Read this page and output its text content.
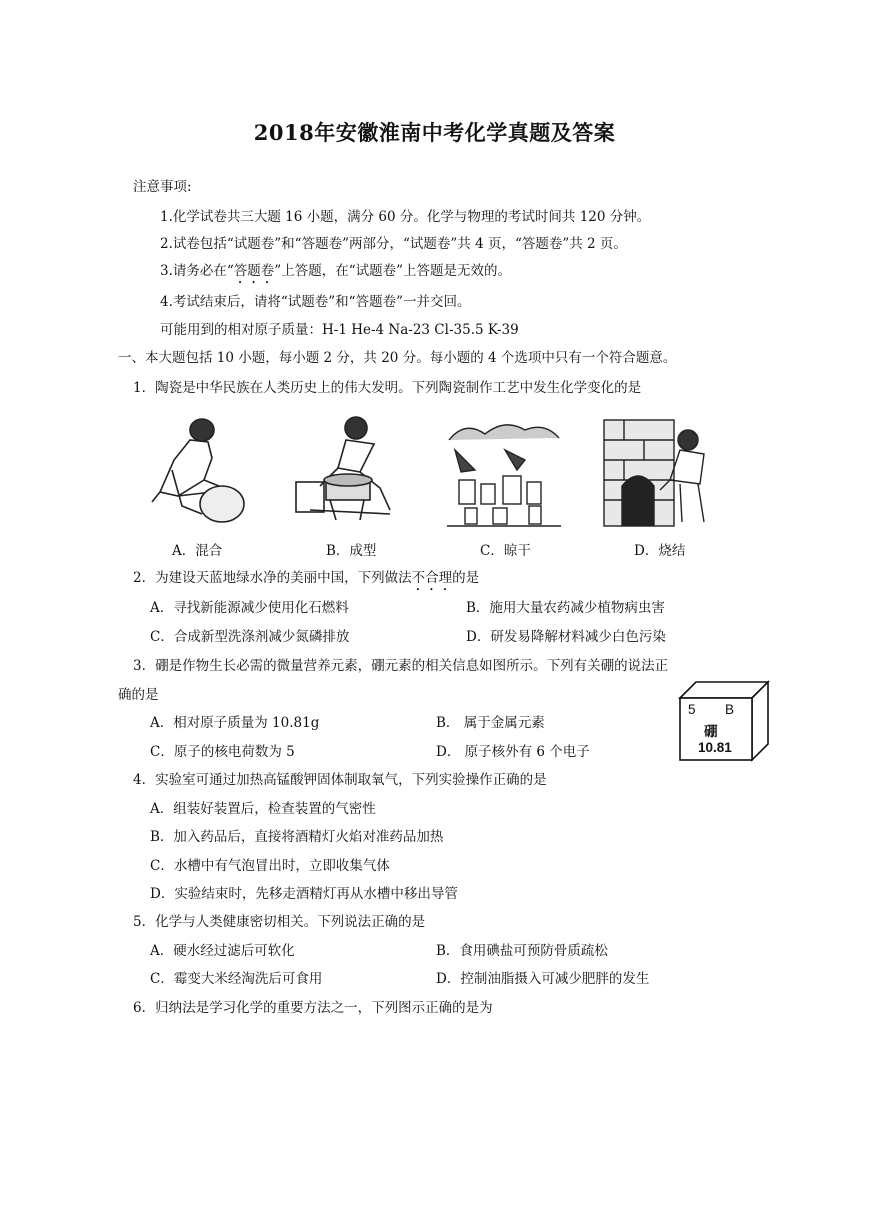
2018年安徽淮南中考化学真题及答案
注意事项:
1.化学试卷共三大题 16 小题，满分 60 分。化学与物理的考试时间共 120 分钟。
2.试卷包括“试题卷”和“答题卷”两部分，“试题卷”共 4 页，“答题卷”共 2 页。
3.请务必在“答题卷”上答题，在“试题卷”上答题是无效的。
4.考试结束后，请将“试题卷”和“答题卷”一并交回。
可能用到的相对原子质量：H-1 He-4 Na-23 Cl-35.5 K-39
一、本大题包括 10 小题，每小题 2 分，共 20 分。每小题的 4 个选项中只有一个符合题意。
1．陶瓷是中华民族在人类历史上的伟大发明。下列陶瓷制作工艺中发生化学变化的是
A．混合	B．成型	C．晾干	D．烧结
2．为建设天蓝地绿水净的美丽中国，下列做法不合理的是
A．寻找新能源减少使用化石燃料	B．施用大量农药减少植物病虫害
C．合成新型洗涤剂减少氮磷排放	D．研发易降解材料减少白色污染
3．硼是作物生长必需的微量营养元素，硼元素的相关信息如图所示。下列有关硼的说法正
确的是
A．相对原子质量为 10.81g	B． 属于金属元素
C．原子的核电荷数为 5	D． 原子核外有 6 个电子
5 B
硼
10.81
4．实验室可通过加热高锰酸钾固体制取氧气，下列实验操作正确的是
A．组装好装置后，检查装置的气密性
B．加入药品后，直接将酒精灯火焰对准药品加热
C．水槽中有气泡冒出时，立即收集气体
D．实验结束时，先移走酒精灯再从水槽中移出导管
5．化学与人类健康密切相关。下列说法正确的是
A．硬水经过滤后可软化	B．食用碘盐可预防骨质疏松
C．霉变大米经淘洗后可食用	D．控制油脂摄入可减少肥胖的发生
6．归纳法是学习化学的重要方法之一，下列图示正确的是为
